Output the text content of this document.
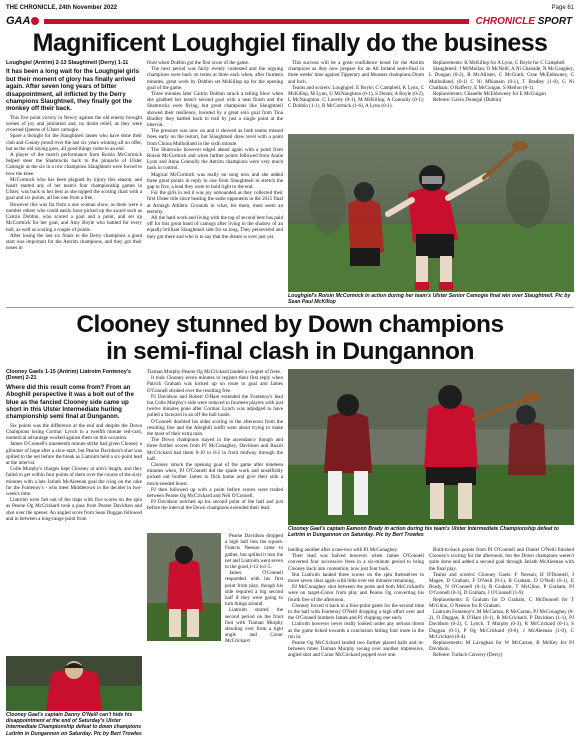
THE CHRONICLE, 24th November 2022	Page 61
GAA	CHRONICLE SPORT
Magnificent Loughgiel finally do the business

Loughgiel (Antrim) 2-13 Slaughtneil (Derry) 1-11

It has been a long wait for the Loughgiel girls but their moment of glory has finally arrived again. After seven long years of bitter disappointment, all inflicted by the Derry champions Slaughtneil, they finally got the monkey off their back.

This five point victory in Newry against the old enemy brought scenes of joy and jubilation and, no doubt relief, as they were crowned Queens of Ulster camogie.

Spare a thought for the Slaughtneil lasses who have done their club and County proud over the last six years winning all on offer, but as the old saying goes, all good things come to an end.

A player of the match performance from Roisin McCormick helped steer the Shamrocks back to the pinnacle of Ulster Camogie as the six in a row champions Slaughtneil were forced to bow the knee.

McCormick who has been plagued by injury this season, and hasn't started any of her team's four championship games in Ulster, was back to her best as she topped the scoring chart with a goal and six points, all but one from a free.

However this was far from a one woman show, as there were a number others who could easily have picked up the award such as Caitrin Dobbin, who scored a goal and a point, and set up McCormick for her goal, and Amy Boyle who battled for every ball, as well as scoring a couple of points.

After losing the last six finals to the Derry champions a good start was important for the Antrim champions, and they got their noses in

front when Dobbin got the first score of the game.

The next period was fairly evenly contested and the arguing champions were back on terms at three each when, after fourteen minutes, great work by Dobbin set McKillop up for the opening goal of the game.

Three minutes later Caitrin Dobbin struck a telling blow when she grabbed her team's second goal with a neat finish and the Shamrocks were flying, but great champions like Slaughtneil showed their resilience, boosted by a great solo goal from Tina Bradley they battled back to trail by just a single point at the interval.

The pressure was now on and it showed as both teams missed frees early on the restart, but Slaughtneil drew level with a point from Cliona Mulholland in the sixth minute.

The Shinrocks however edged ahead again with a point from Roisin McCormick and when further points followed from Annie Lynn and Anna Connolly the Antrim champions were very much back in control.

Magical McCormick was really on song now and she added three great points in reply to one from Slaughtneil to stretch the gap to five, a lead they were to hold right to the end.

For the girls in red it was joy unbounded as they collected their first Ulster title since beating the same opponents in the 2015 final at Armagh Athletic Grounds in what, for them, must seem an eternity.

All the hard work and living with the tag of second best has paid off for this great band of camogs after living in the shadow of an equally brilliant Slaughtneil side for so long. They persevered and they got there and who is to say that the dream is over just yet.

This success will be a great confidence boost for the Antrim champions as they now prepare for an All Ireland semi-final in three weeks' time against Tipperary and Munster champions Drom and Inch.

Teams and scorers: Loughgiel: E Boyle; C Campbell, K Lynn, C McKillop, M Lynn, U McNaughton (0-1), S Doran; A Boyle (0-2), L McNaughton, C Laverty (0-1), M McKillop, A Connolly (0-1); C Dobbin (1-1), R McCormick (1-6), A Lynn (0-1).

Replacements: K McKillop for A Lynn, C Boyle for C Campbell

Slaughtneil: J McMullan; O McNeill, A Ni Chaiside, N McGaughey, L Doogan (0-2), R McAllister, C McGrath; Grae McElduwney, C Mulholland, (0-1) C Ni Mhianain (0-1), T Bradley (1-0), G Ni Chathain; O Rafferty, E McGuigan, S Mellon (0-1).

Replacements: Chanelle McElduwney for E McGuigan

Referee: Gavin Donegal (Dublin)

Loughgiel's Roisin McCormick in action during her team's Ulster Senior Camogie final win over Slaughtneil. Pic by Sean Paul McKillop
Clooney stunned by Down champions
in semi-final clash in Dungannon

Clooney Gaels 1-15 (Antrim) Liatroim Fontenoy's (Down) 2-21

Where did this result come from? From an Aboghill perspective it was a bolt out of the blue as the fancied Clooney side came up short in this Ulster Intermediate hurling championship semi final at Dunganon.

Six points was the difference at the end and despite the Down Champions losing Cormac Lynch to a twelfth minute red-card, numerical advantage worked against them on this occasion.

James O'Connell's nineteenth minute strike had given Clooney a glimmer of hope after a slow-start, but Pearse Davidson's shot was spilled to the net before the break as Liatroim held a six-point lead at the interval.

Colle Murphy's charges kept Clooney at arm's length, and they failed to get within four points of them over the course of the sixty minutes with a late Jarlath McAleenan goal the icing on the cake for the Fontenoy's - who meet Middletown in the decider in two-week's time.

Liatroim were fast out of the traps with five scores on the spin as Pearse Og McCriskard took a pass from Pearse Davidson and shot over the opener. An angled score from Sean Duggan followed and in between a long-range point from

Clooney Gael's captain Danny O'Neill can't hide his disappointment at the end of Saturday's Ulster Intermediate Championship defeat to down champions Leitrim in Dungannon on Saturday. Pic by Bert Trowles

Tiarnan Murphy-Pearse Og McCrickard landed a couplet of frees.

It took Clooney seven minutes to register their first reply when Patrick Graham was kicked up on route to goal and James O'Connell stroked over the resulting free.

PJ Davidson and Robert O'Hare extended the Fontenoy's lead but Colle Murphy's side were reduced to fourteen players with just twelve minutes gone after Cormac Lynch was adjudged to have pulled a facecard in an off the ball tussle.

O'Connell doubled his sides scoring in the afternoon from the resulting free and the Aboghill outfit went about trying to make the most of their extra man.

The Down champions stayed in the ascendancy though and three further scores from PJ McConaghey, Davidson and Ruairi McCrickard had them 0-10 to 0-2 in front midway through the half.

Clooney struck the opening goal of the game after nineteen minutes when, PJ O'Connell did the spade work and unselfishly picked out brother James to flick home and give their side a much-needed boost.

PJ then followed up with a point before scores were traded between Pearse Og McCrickard and Neil O'Connell.

PJ Davidson notched up his second point of the half and just before the interval the Down champions extended their lead.

Pearse Davidson dropped a high ball into the square. Francis Neeson came to gather, but spilled it into the net and Liatroim went seven to the good,1-12 to1-5.

James O'Connell responded with his first point from play, though his side required a big second half if they were going to turn things around.

Liatroim started the second period on the front foot with Tiarnan Murphy shooting over from a tight angle and Conor McCrickard

Clooney Gael's captain Eamonn Brady in action during his team's Ulster Intermediate Championship defeat to Leitrim in Dungannon on Saturday. Pic by Bert Trowles

landing another after a one-two with PJ McConaghey.

Their lead was halved however when James O'Connell converted four successive frees in a six-minute period to bring Clooney back into contention, now just four back.

But Liatroim landed three scores on the spin themselves to move seven clear again with little over ten minutes remaining.

PJ McConaghey shot between the posts and both McCrickard's were on target-Conor from play and Pearse Og converting his fourth free of the afternoon.

Clooney forced it back to a four-point game for the second time in the half with Fontenoy O'Neill dropping a high effort over and the O'Connell brothers James and PJ chipping one each.

Liatroim however never really looked under any serious threat as the game ticked towards a conclusion hitting four more in the run in.

Pearse Og McCrickard landed two further placed balls and in-between times Tiarnan Murphy swung over another impressive, angled shot and Conor McCrickard popped over one.

Built-to-back points from PJ O'Connell and Daniel O'Neill finished Clooney's scoring for the afternoon, but the Down champions weren't quite done and added a second goal through Jarlath McAleenan with the final play.

Teams and scorers: Clooney Gaels: F Neeson, H O'Donnell, J Magee, D Graham, F O'Neill (0-1), B Graham, D O'Neill (0-1), E Brady, N O'Connell (0-1), R Graham, T McGlinn, P Graham, PJ O'Connell (0-3), D Graham, J O'Connell (1-9).

Replacements: E Graham for D Graham, C McDonnell for T McGlinn, O Neeson for R Graham.

Liatroim Fontenoy's: M McCartan, R McCartan, PJ McConaghey (0-2), O Duggan, R O'Hare (0-1), R McCrickard, P Davidson (1-1), PJ Davidson (0-2), C Lynch, T Murphy (0-3), R McCrickard (0-1), S Duggan (0-1), P Og McCrickard (0-6), J McAleenan (1-0), C McCrickard (0-4).

Replacements: M Lavaghan for W McCartan, B McKey for PJ Davidson.

Referee: Turlach Convery (Derry)
